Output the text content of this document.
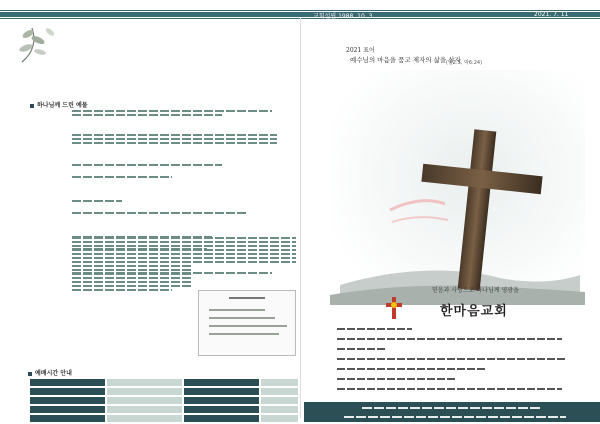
교회설립 1988. 10. 3	2021. 7. 11
하나님께 드린 예물
예배시간 안내

2021 표어
예수님의 마음을 품고 제자의 삶을 살자
(빌2:5, 막6:24)
믿음과 사랑으로 하나님께 영광을
한마음교회
